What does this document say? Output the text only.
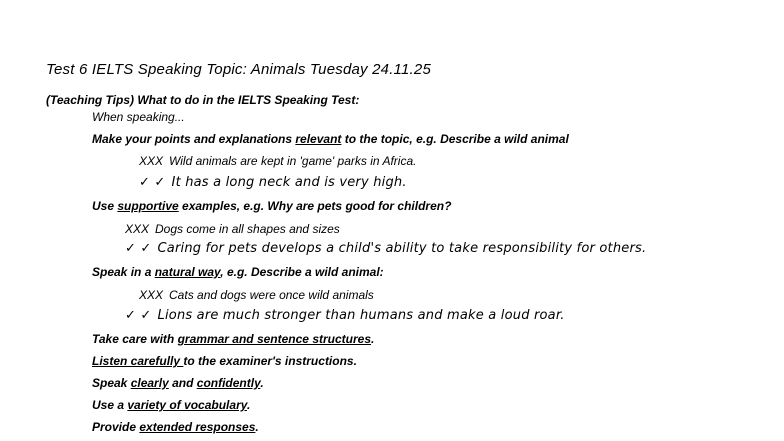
Test 6 IELTS Speaking Topic: Animals Tuesday 24.11.25
(Teaching Tips) What to do in the IELTS Speaking Test:
When speaking...
Make your points and explanations relevant to the topic, e.g. Describe a wild animal
XXX Wild animals are kept in 'game' parks in Africa.
✓ ✓ It has a long neck and is very high.
Use supportive examples, e.g. Why are pets good for children?
XXX Dogs come in all shapes and sizes
✓ ✓ Caring for pets develops a child's ability to take responsibility for others.
Speak in a natural way, e.g. Describe a wild animal:
XXX Cats and dogs were once wild animals
✓ ✓ Lions are much stronger than humans and make a loud roar.
Take care with grammar and sentence structures.
Listen carefully to the examiner's instructions.
Speak clearly and confidently.
Use a variety of vocabulary.
Provide extended responses.
